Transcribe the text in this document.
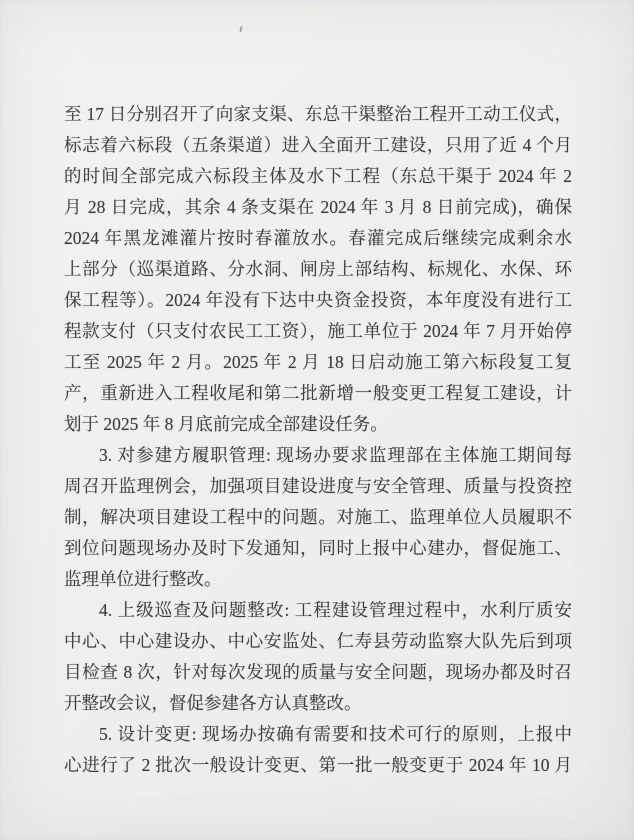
至 17 日分别召开了向家支渠、东总干渠整治工程开工动工仪式，
标志着六标段（五条渠道）进入全面开工建设，只用了近 4 个月
的时间全部完成六标段主体及水下工程（东总干渠于 2024 年 2
月 28 日完成，其余 4 条支渠在 2024 年 3 月 8 日前完成)，确保
2024 年黑龙滩灌片按时春灌放水。春灌完成后继续完成剩余水
上部分（巡渠道路、分水洞、闸房上部结构、标规化、水保、环
保工程等）。2024 年没有下达中央资金投资，本年度没有进行工
程款支付（只支付农民工工资），施工单位于 2024 年 7 月开始停
工至 2025 年 2 月。2025 年 2 月 18 日启动施工第六标段复工复
产，重新进入工程收尾和第二批新增一般变更工程复工建设，计
划于 2025 年 8 月底前完成全部建设任务。
3. 对参建方履职管理: 现场办要求监理部在主体施工期间每
周召开监理例会，加强项目建设进度与安全管理、质量与投资控
制，解决项目建设工程中的问题。对施工、监理单位人员履职不
到位问题现场办及时下发通知，同时上报中心建办，督促施工、
监理单位进行整改。
4. 上级巡查及问题整改: 工程建设管理过程中，水利厅质安
中心、中心建设办、中心安监处、仁寿县劳动监察大队先后到项
目检查 8 次，针对每次发现的质量与安全问题，现场办都及时召
开整改会议，督促参建各方认真整改。
5. 设计变更: 现场办按确有需要和技术可行的原则，上报中
心进行了 2 批次一般设计变更、第一批一般变更于 2024 年 10 月
